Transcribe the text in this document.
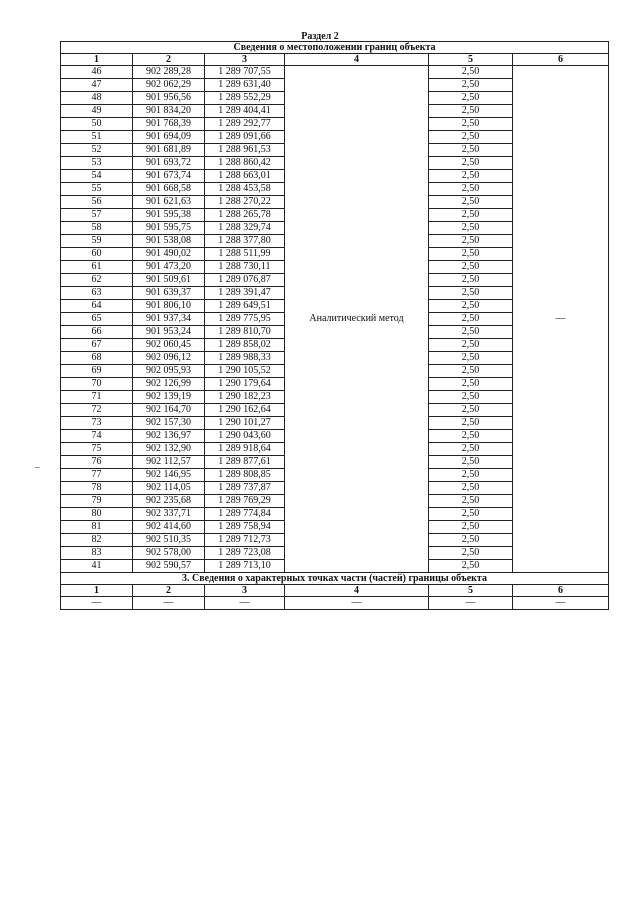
Раздел 2
~
Сведения о местоположении границ объекта					
1	2	3	4	5	6
46	902 289,28	1 289 707,55	Аналитический метод	2,50	—
47	902 062,29	1 289 631,40		2,50	
48	901 956,56	1 289 552,29		2,50	
49	901 834,20	1 289 404,41		2,50	
50	901 768,39	1 289 292,77		2,50	
51	901 694,09	1 289 091,66		2,50	
52	901 681,89	1 288 961,53		2,50	
53	901 693,72	1 288 860,42		2,50	
54	901 673,74	1 288 663,01		2,50	
55	901 668,58	1 288 453,58		2,50	
56	901 621,63	1 288 270,22		2,50	
57	901 595,38	1 288 265,78		2,50	
58	901 595,75	1 288 329,74		2,50	
59	901 538,08	1 288 377,80		2,50	
60	901 490,02	1 288 511,99		2,50	
61	901 473,20	1 288 730,11		2,50	
62	901 509,61	1 289 076,87		2,50	
63	901 639,37	1 289 391,47		2,50	
64	901 806,10	1 289 649,51		2,50	
65	901 937,34	1 289 775,95		2,50	
66	901 953,24	1 289 810,70		2,50	
67	902 060,45	1 289 858,02		2,50	
68	902 096,12	1 289 988,33		2,50	
69	902 095,93	1 290 105,52		2,50	
70	902 126,99	1 290 179,64		2,50	
71	902 139,19	1 290 182,23		2,50	
72	902 164,70	1 290 162,64		2,50	
73	902 157,30	1 290 101,27		2,50	
74	902 136,97	1 290 043,60		2,50	
75	902 132,90	1 289 918,64		2,50	
76	902 112,57	1 289 877,61		2,50	
77	902 146,95	1 289 808,85		2,50	
78	902 114,05	1 289 737,87		2,50	
79	902 235,68	1 289 769,29		2,50	
80	902 337,71	1 289 774,84		2,50	
81	902 414,60	1 289 758,94		2,50	
82	902 510,35	1 289 712,73		2,50	
83	902 578,00	1 289 723,08		2,50	
41	902 590,57	1 289 713,10		2,50	
3. Сведения о характерных точках части (частей) границы объекта					
1	2	3	4	5	6
—	—	—	—	—	—
